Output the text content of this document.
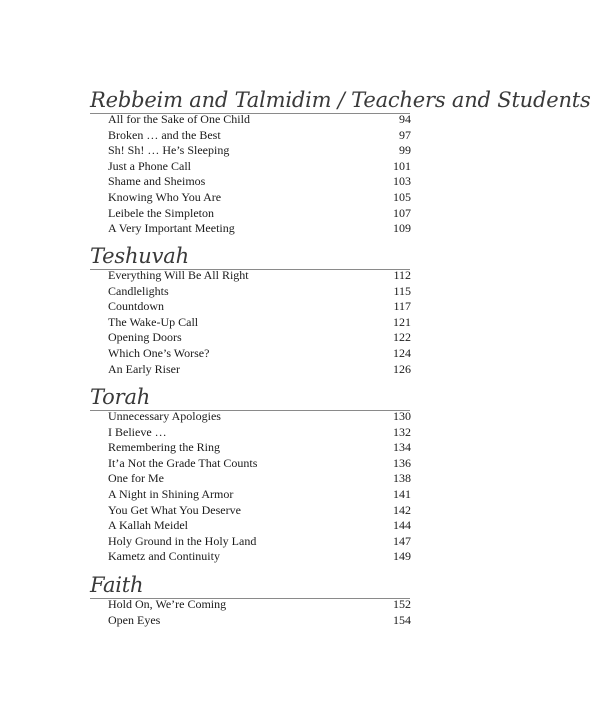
Rebbeim and Talmidim / Teachers and Students
All for the Sake of One Child	94
Broken … and the Best	97
Sh! Sh! … He’s Sleeping	99
Just a Phone Call	101
Shame and Sheimos	103
Knowing Who You Are	105
Leibele the Simpleton	107
A Very Important Meeting	109
Teshuvah
Everything Will Be All Right	112
Candlelights	115
Countdown	117
The Wake-Up Call	121
Opening Doors	122
Which One’s Worse?	124
An Early Riser	126
Torah
Unnecessary Apologies	130
I Believe …	132
Remembering the Ring	134
It’a Not the Grade That Counts	136
One for Me	138
A Night in Shining Armor	141
You Get What You Deserve	142
A Kallah Meidel	144
Holy Ground in the Holy Land	147
Kametz and Continuity	149
Faith
Hold On, We’re Coming	152
Open Eyes	154
